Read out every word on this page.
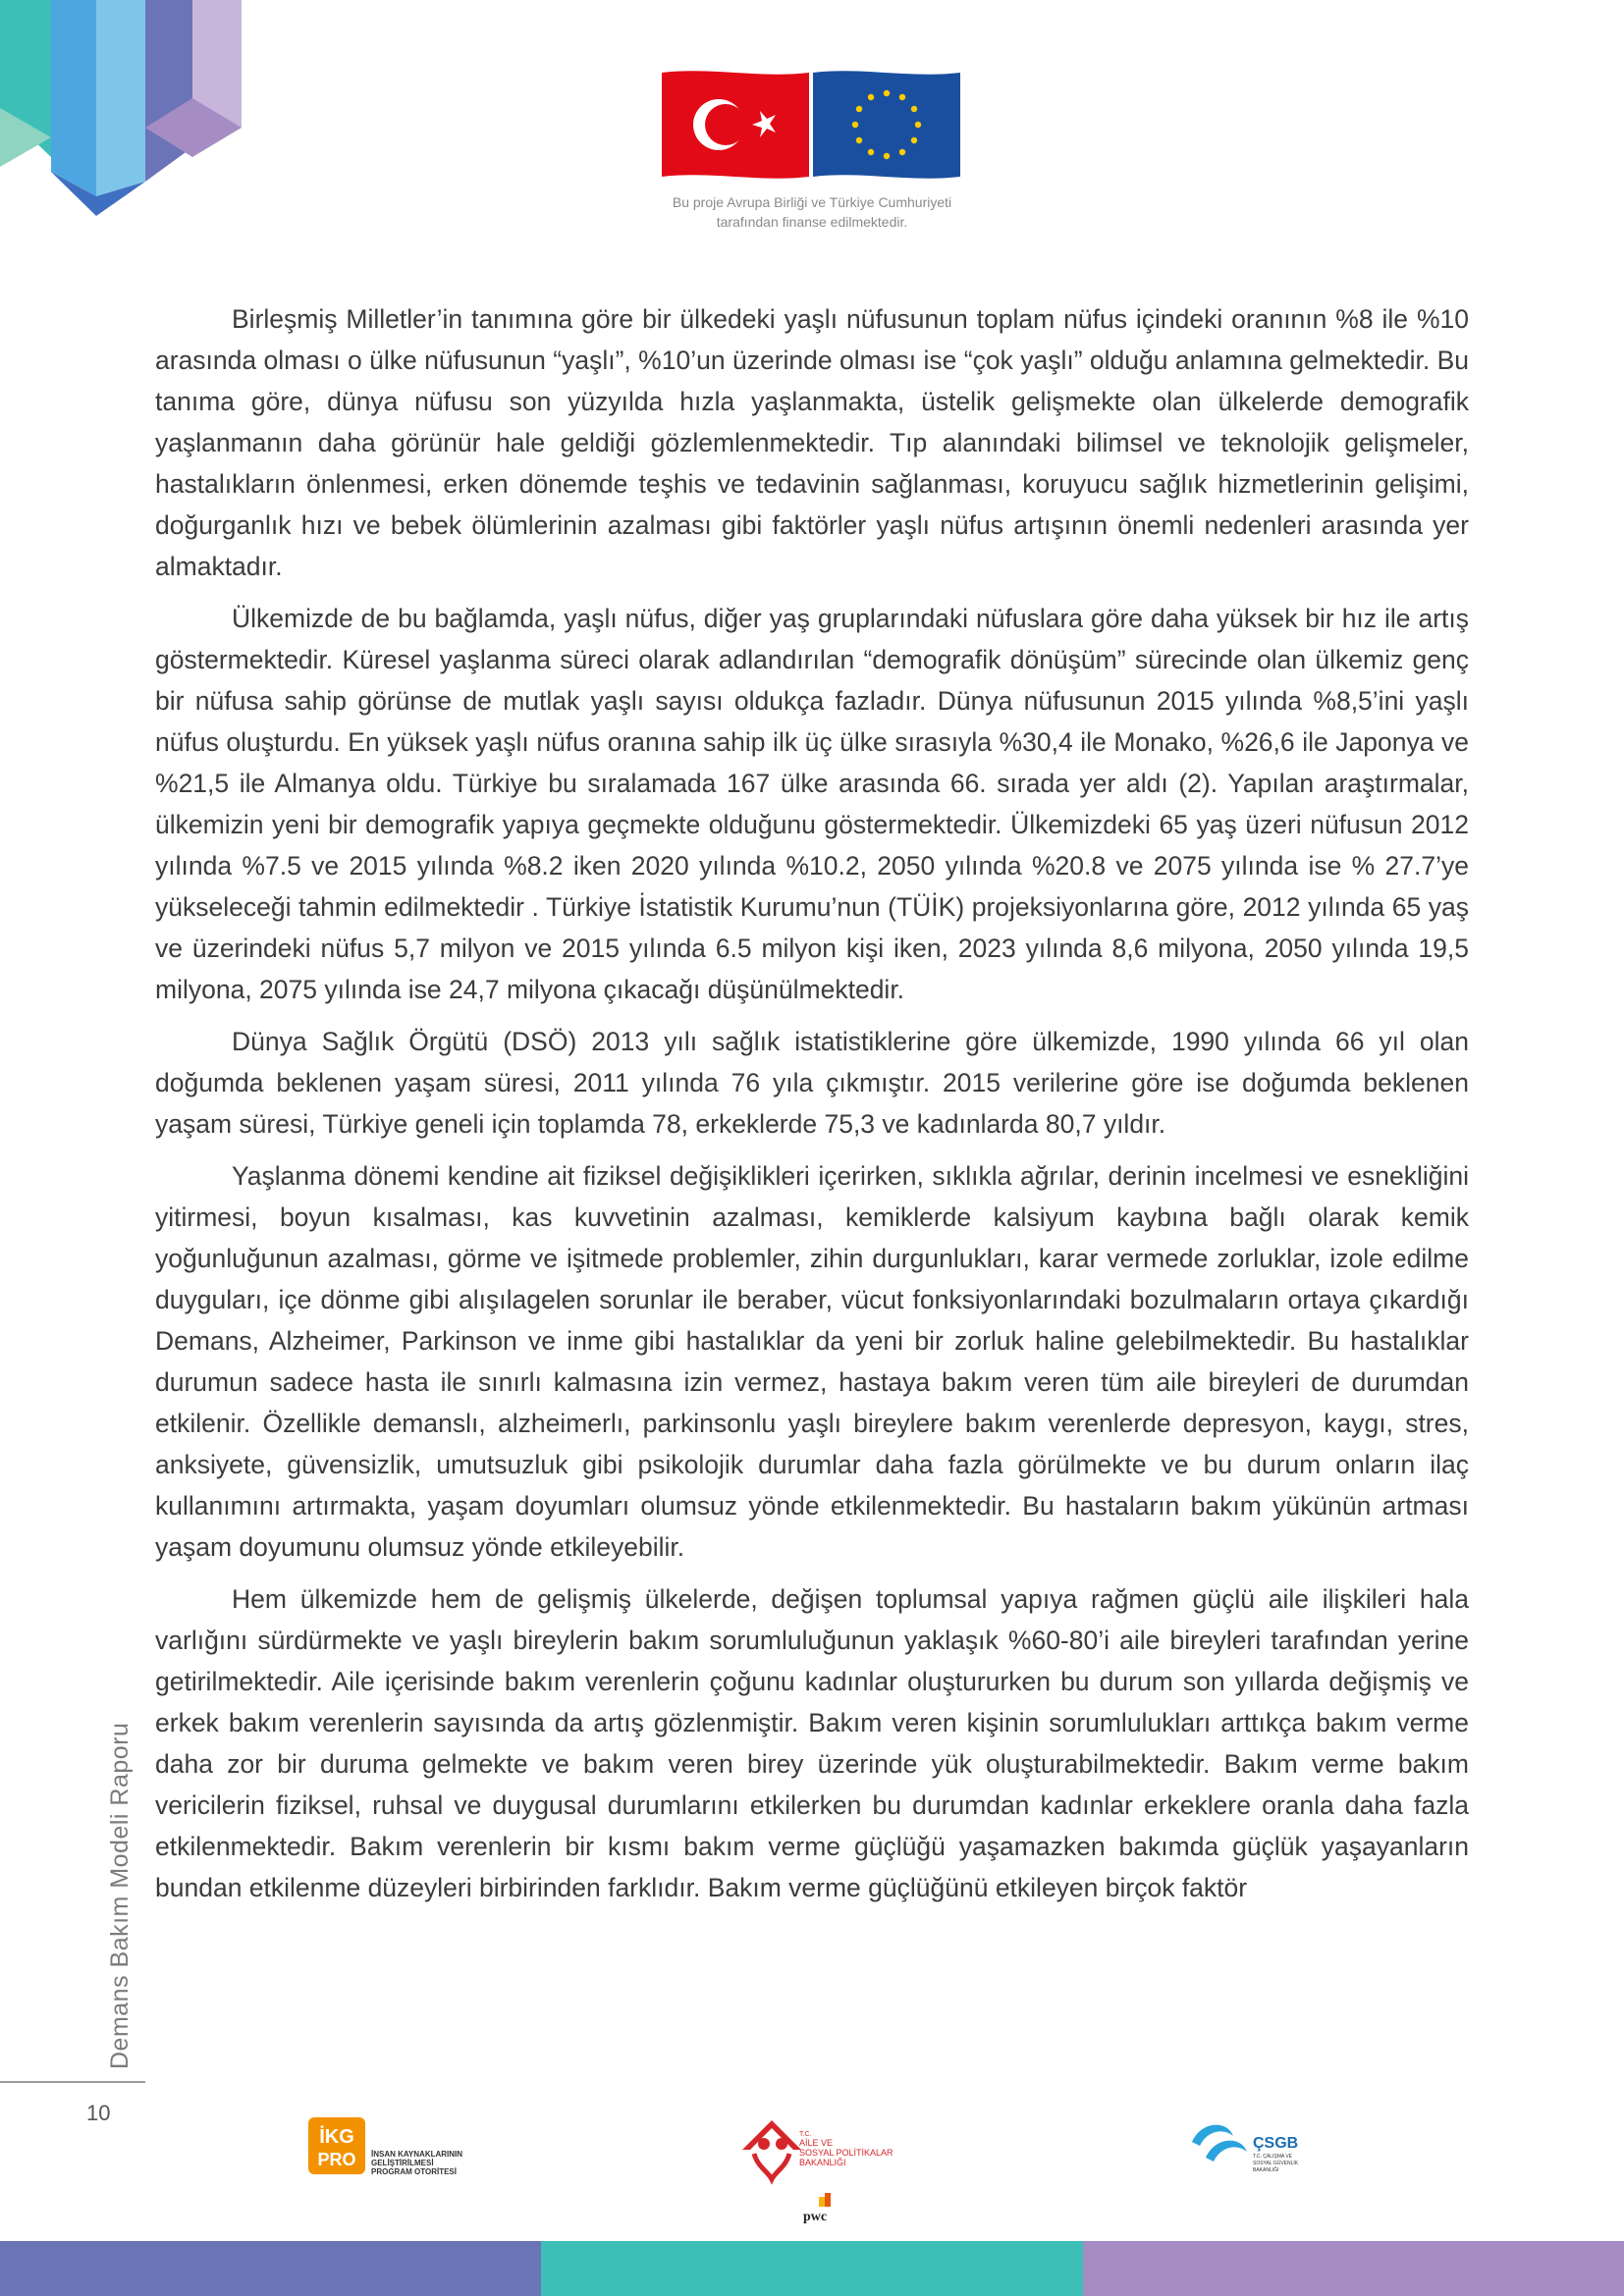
Bu proje Avrupa Birliği ve Türkiye Cumhuriyeti
tarafından finanse edilmektedir.

Birleşmiş Milletler’in tanımına göre bir ülkedeki yaşlı nüfusunun toplam nüfus içindeki oranının %8 ile %10 arasında olması o ülke nüfusunun “yaşlı”, %10’un üzerinde olması ise “çok yaşlı” olduğu anlamına gelmektedir. Bu tanıma göre, dünya nüfusu son yüzyılda hızla yaşlanmakta, üstelik gelişmekte olan ülkelerde demografik yaşlanmanın daha görünür hale geldiği gözlemlenmektedir. Tıp alanındaki bilimsel ve teknolojik gelişmeler, hastalıkların önlenmesi, erken dönemde teşhis ve tedavinin sağlanması, koruyucu sağlık hizmetlerinin gelişimi, doğurganlık hızı ve bebek ölümlerinin azalması gibi faktörler yaşlı nüfus artışının önemli nedenleri arasında yer almaktadır.

Ülkemizde de bu bağlamda, yaşlı nüfus, diğer yaş gruplarındaki nüfuslara göre daha yüksek bir hız ile artış göstermektedir. Küresel yaşlanma süreci olarak adlandırılan “demografik dönüşüm” sürecinde olan ülkemiz genç bir nüfusa sahip görünse de mutlak yaşlı sayısı oldukça fazladır. Dünya nüfusunun 2015 yılında %8,5’ini yaşlı nüfus oluşturdu. En yüksek yaşlı nüfus oranına sahip ilk üç ülke sırasıyla %30,4 ile Monako, %26,6 ile Japonya ve %21,5 ile Almanya oldu. Türkiye bu sıralamada 167 ülke arasında 66. sırada yer aldı (2). Yapılan araştırmalar, ülkemizin yeni bir demografik yapıya geçmekte olduğunu göstermektedir. Ülkemizdeki 65 yaş üzeri nüfusun 2012 yılında %7.5 ve 2015 yılında %8.2 iken 2020 yılında %10.2, 2050 yılında %20.8 ve 2075 yılında ise % 27.7’ye yükseleceği tahmin edilmektedir . Türkiye İstatistik Kurumu’nun (TÜİK) projeksiyonlarına göre, 2012 yılında 65 yaş ve üzerindeki nüfus 5,7 milyon ve 2015 yılında 6.5 milyon kişi iken, 2023 yılında 8,6 milyona, 2050 yılında 19,5 milyona, 2075 yılında ise 24,7 milyona çıkacağı düşünülmektedir.

Dünya Sağlık Örgütü (DSÖ) 2013 yılı sağlık istatistiklerine göre ülkemizde, 1990 yılında 66 yıl olan doğumda beklenen yaşam süresi, 2011 yılında 76 yıla çıkmıştır. 2015 verilerine göre ise doğumda beklenen yaşam süresi, Türkiye geneli için toplamda 78, erkeklerde 75,3 ve kadınlarda 80,7 yıldır.

Yaşlanma dönemi kendine ait fiziksel değişiklikleri içerirken, sıklıkla ağrılar, derinin incelmesi ve esnekliğini yitirmesi, boyun kısalması, kas kuvvetinin azalması, kemiklerde kalsiyum kaybına bağlı olarak kemik yoğunluğunun azalması, görme ve işitmede problemler, zihin durgunlukları, karar vermede zorluklar, izole edilme duyguları, içe dönme gibi alışılagelen sorunlar ile beraber, vücut fonksiyonlarındaki bozulmaların ortaya çıkardığı Demans, Alzheimer, Parkinson ve inme gibi hastalıklar da yeni bir zorluk haline gelebilmektedir. Bu hastalıklar durumun sadece hasta ile sınırlı kalmasına izin vermez, hastaya bakım veren tüm aile bireyleri de durumdan etkilenir. Özellikle demanslı, alzheimerlı, parkinsonlu yaşlı bireylere bakım verenlerde depresyon, kaygı, stres, anksiyete, güvensizlik, umutsuzluk gibi psikolojik durumlar daha fazla görülmekte ve bu durum onların ilaç kullanımını artırmakta, yaşam doyumları olumsuz yönde etkilenmektedir. Bu hastaların bakım yükünün artması yaşam doyumunu olumsuz yönde etkileyebilir.

Hem ülkemizde hem de gelişmiş ülkelerde, değişen toplumsal yapıya rağmen güçlü aile ilişkileri hala varlığını sürdürmekte ve yaşlı bireylerin bakım sorumluluğunun yaklaşık %60-80’i aile bireyleri tarafından yerine getirilmektedir. Aile içerisinde bakım verenlerin çoğunu kadınlar oluştururken bu durum son yıllarda değişmiş ve erkek bakım verenlerin sayısında da artış gözlenmiştir. Bakım veren kişinin sorumlulukları arttıkça bakım verme daha zor bir duruma gelmekte ve bakım veren birey üzerinde yük oluşturabilmektedir. Bakım verme bakım vericilerin fiziksel, ruhsal ve duygusal durumlarını etkilerken bu durumdan kadınlar erkeklere oranla daha fazla etkilenmektedir. Bakım verenlerin bir kısmı bakım verme güçlüğü yaşamazken bakımda güçlük yaşayanların bundan etkilenme düzeyleri birbirinden farklıdır. Bakım verme güçlüğünü etkileyen birçok faktör

Demans Bakım Modeli Raporu
10
İKG
PRO İNSAN KAYNAKLARININ
GELİŞTİRİLMESİ
PROGRAM OTORİTESİ
T.C.
AİLE VE
SOSYAL POLİTİKALAR
BAKANLIĞI
pwc
ÇSGB
T.C. ÇALIŞMA VE
SOSYAL GÜVENLİK
BAKANLIĞI
